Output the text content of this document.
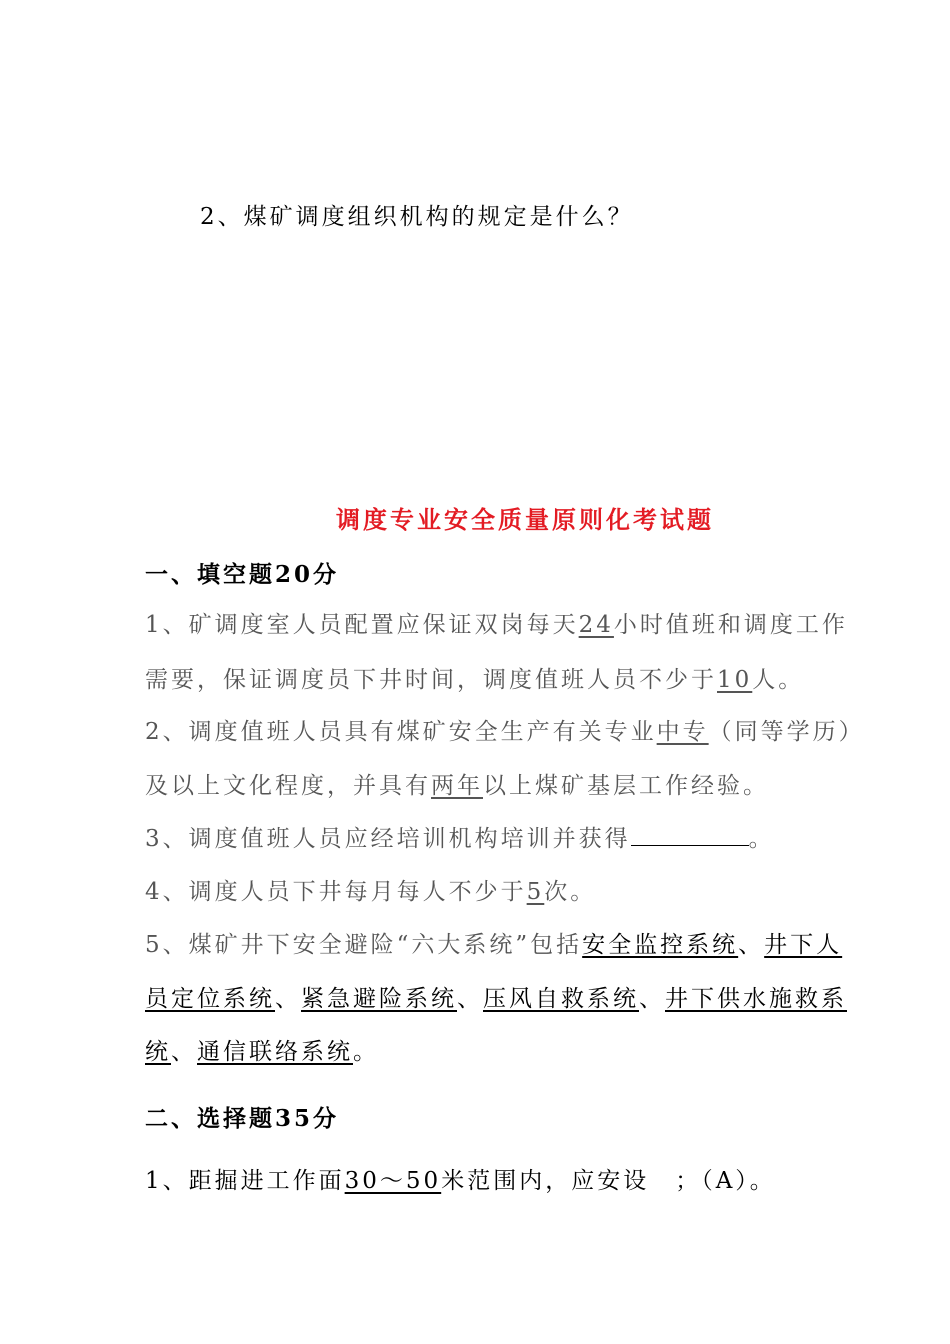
2、煤矿调度组织机构的规定是什么？
调度专业安全质量原则化考试题
一、填空题20分
1、矿调度室人员配置应保证双岗每天24小时值班和调度工作
需要，保证调度员下井时间，调度值班人员不少于10人。
2、调度值班人员具有煤矿安全生产有关专业中专（同等学历）
及以上文化程度，并具有两年以上煤矿基层工作经验。
3、调度值班人员应经培训机构培训并获得	。
4、调度人员下井每月每人不少于5次。
5、煤矿井下安全避险“六大系统”包括安全监控系统、井下人
员定位系统、紧急避险系统、压风自救系统、井下供水施救系
统、通信联络系统。
二、选择题35分
1、距掘进工作面30～50米范围内，应安设 ；（A）。
